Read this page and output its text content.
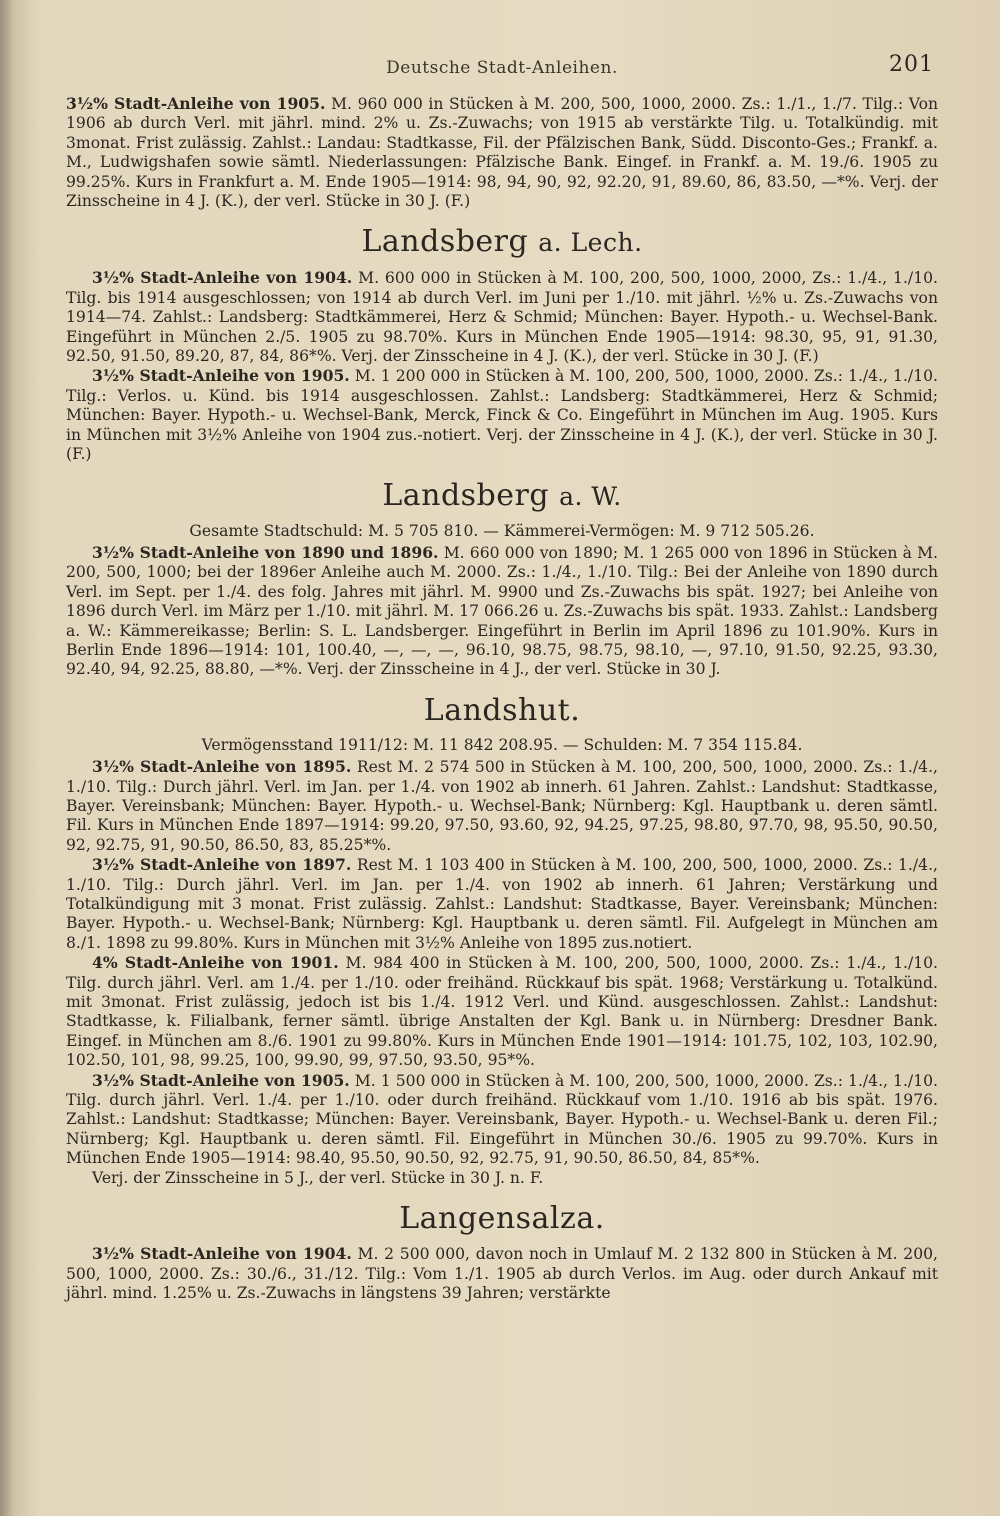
Deutsche Stadt-Anleihen.	201

3½% Stadt-Anleihe von 1905. M. 960 000 in Stücken à M. 200, 500, 1000, 2000. Zs.: 1./1., 1./7. Tilg.: Von 1906 ab durch Verl. mit jährl. mind. 2% u. Zs.-Zuwachs; von 1915 ab verstärkte Tilg. u. Totalkündig. mit 3monat. Frist zulässig. Zahlst.: Landau: Stadtkasse, Fil. der Pfälzischen Bank, Südd. Disconto-Ges.; Frankf. a. M., Ludwigshafen sowie sämtl. Niederlassungen: Pfälzische Bank. Eingef. in Frankf. a. M. 19./6. 1905 zu 99.25%. Kurs in Frankfurt a. M. Ende 1905—1914: 98, 94, 90, 92, 92.20, 91, 89.60, 86, 83.50, —*%. Verj. der Zinsscheine in 4 J. (K.), der verl. Stücke in 30 J. (F.)

Landsberg a. Lech.

3½% Stadt-Anleihe von 1904. M. 600 000 in Stücken à M. 100, 200, 500, 1000, 2000, Zs.: 1./4., 1./10. Tilg. bis 1914 ausgeschlossen; von 1914 ab durch Verl. im Juni per 1./10. mit jährl. ½% u. Zs.-Zuwachs von 1914—74. Zahlst.: Landsberg: Stadtkämmerei, Herz & Schmid; München: Bayer. Hypoth.- u. Wechsel-Bank. Eingeführt in München 2./5. 1905 zu 98.70%. Kurs in München Ende 1905—1914: 98.30, 95, 91, 91.30, 92.50, 91.50, 89.20, 87, 84, 86*%. Verj. der Zinsscheine in 4 J. (K.), der verl. Stücke in 30 J. (F.)

3½% Stadt-Anleihe von 1905. M. 1 200 000 in Stücken à M. 100, 200, 500, 1000, 2000. Zs.: 1./4., 1./10. Tilg.: Verlos. u. Künd. bis 1914 ausgeschlossen. Zahlst.: Landsberg: Stadtkämmerei, Herz & Schmid; München: Bayer. Hypoth.- u. Wechsel-Bank, Merck, Finck & Co. Eingeführt in München im Aug. 1905. Kurs in München mit 3½% Anleihe von 1904 zus.-notiert. Verj. der Zinsscheine in 4 J. (K.), der verl. Stücke in 30 J. (F.)

Landsberg a. W.

Gesamte Stadtschuld: M. 5 705 810. — Kämmerei-Vermögen: M. 9 712 505.26.

3½% Stadt-Anleihe von 1890 und 1896. M. 660 000 von 1890; M. 1 265 000 von 1896 in Stücken à M. 200, 500, 1000; bei der 1896er Anleihe auch M. 2000. Zs.: 1./4., 1./10. Tilg.: Bei der Anleihe von 1890 durch Verl. im Sept. per 1./4. des folg. Jahres mit jährl. M. 9900 und Zs.-Zuwachs bis spät. 1927; bei Anleihe von 1896 durch Verl. im März per 1./10. mit jährl. M. 17 066.26 u. Zs.-Zuwachs bis spät. 1933. Zahlst.: Landsberg a. W.: Kämmereikasse; Berlin: S. L. Landsberger. Eingeführt in Berlin im April 1896 zu 101.90%. Kurs in Berlin Ende 1896—1914: 101, 100.40, —, —, —, 96.10, 98.75, 98.75, 98.10, —, 97.10, 91.50, 92.25, 93.30, 92.40, 94, 92.25, 88.80, —*%. Verj. der Zinsscheine in 4 J., der verl. Stücke in 30 J.

Landshut.

Vermögensstand 1911/12: M. 11 842 208.95. — Schulden: M. 7 354 115.84.

3½% Stadt-Anleihe von 1895. Rest M. 2 574 500 in Stücken à M. 100, 200, 500, 1000, 2000. Zs.: 1./4., 1./10. Tilg.: Durch jährl. Verl. im Jan. per 1./4. von 1902 ab innerh. 61 Jahren. Zahlst.: Landshut: Stadtkasse, Bayer. Vereinsbank; München: Bayer. Hypoth.- u. Wechsel-Bank; Nürnberg: Kgl. Hauptbank u. deren sämtl. Fil. Kurs in München Ende 1897—1914: 99.20, 97.50, 93.60, 92, 94.25, 97.25, 98.80, 97.70, 98, 95.50, 90.50, 92, 92.75, 91, 90.50, 86.50, 83, 85.25*%.

3½% Stadt-Anleihe von 1897. Rest M. 1 103 400 in Stücken à M. 100, 200, 500, 1000, 2000. Zs.: 1./4., 1./10. Tilg.: Durch jährl. Verl. im Jan. per 1./4. von 1902 ab innerh. 61 Jahren; Verstärkung und Totalkündigung mit 3 monat. Frist zulässig. Zahlst.: Landshut: Stadtkasse, Bayer. Vereinsbank; München: Bayer. Hypoth.- u. Wechsel-Bank; Nürnberg: Kgl. Hauptbank u. deren sämtl. Fil. Aufgelegt in München am 8./1. 1898 zu 99.80%. Kurs in München mit 3½% Anleihe von 1895 zus.notiert.

4% Stadt-Anleihe von 1901. M. 984 400 in Stücken à M. 100, 200, 500, 1000, 2000. Zs.: 1./4., 1./10. Tilg. durch jährl. Verl. am 1./4. per 1./10. oder freihänd. Rückkauf bis spät. 1968; Verstärkung u. Totalkünd. mit 3monat. Frist zulässig, jedoch ist bis 1./4. 1912 Verl. und Künd. ausgeschlossen. Zahlst.: Landshut: Stadtkasse, k. Filialbank, ferner sämtl. übrige Anstalten der Kgl. Bank u. in Nürnberg: Dresdner Bank. Eingef. in München am 8./6. 1901 zu 99.80%. Kurs in München Ende 1901—1914: 101.75, 102, 103, 102.90, 102.50, 101, 98, 99.25, 100, 99.90, 99, 97.50, 93.50, 95*%.

3½% Stadt-Anleihe von 1905. M. 1 500 000 in Stücken à M. 100, 200, 500, 1000, 2000. Zs.: 1./4., 1./10. Tilg. durch jährl. Verl. 1./4. per 1./10. oder durch freihänd. Rückkauf vom 1./10. 1916 ab bis spät. 1976. Zahlst.: Landshut: Stadtkasse; München: Bayer. Vereinsbank, Bayer. Hypoth.- u. Wechsel-Bank u. deren Fil.; Nürnberg; Kgl. Hauptbank u. deren sämtl. Fil. Eingeführt in München 30./6. 1905 zu 99.70%. Kurs in München Ende 1905—1914: 98.40, 95.50, 90.50, 92, 92.75, 91, 90.50, 86.50, 84, 85*%.

Verj. der Zinsscheine in 5 J., der verl. Stücke in 30 J. n. F.

Langensalza.

3½% Stadt-Anleihe von 1904. M. 2 500 000, davon noch in Umlauf M. 2 132 800 in Stücken à M. 200, 500, 1000, 2000. Zs.: 30./6., 31./12. Tilg.: Vom 1./1. 1905 ab durch Verlos. im Aug. oder durch Ankauf mit jährl. mind. 1.25% u. Zs.-Zuwachs in längstens 39 Jahren; verstärkte
